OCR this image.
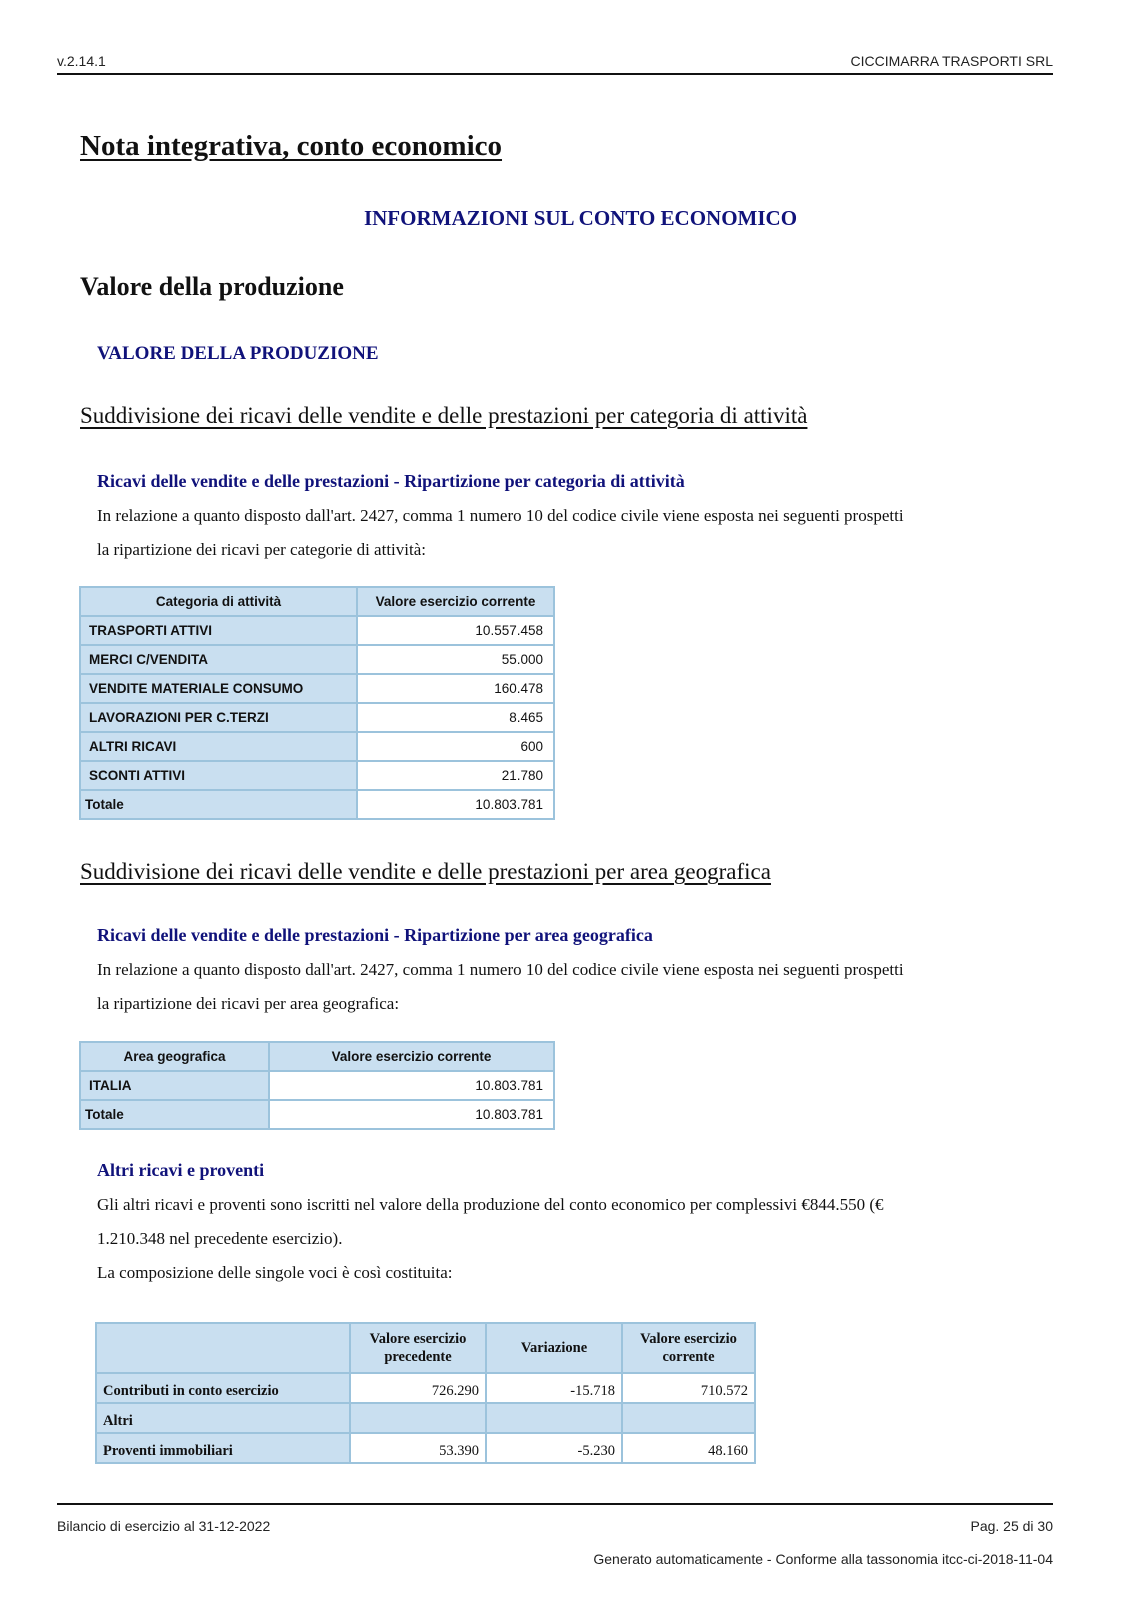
v.2.14.1	CICCIMARRA TRASPORTI SRL
Nota integrativa, conto economico
INFORMAZIONI SUL CONTO ECONOMICO
Valore della produzione
VALORE DELLA PRODUZIONE
Suddivisione dei ricavi delle vendite e delle prestazioni per categoria di attività
Ricavi delle vendite e delle prestazioni - Ripartizione per categoria di attività
In relazione a quanto disposto dall'art. 2427, comma 1 numero 10 del codice civile viene esposta nei seguenti prospetti
la ripartizione dei ricavi per categorie di attività:
Categoria di attività	Valore esercizio corrente
TRASPORTI ATTIVI	10.557.458
MERCI C/VENDITA	55.000
VENDITE MATERIALE CONSUMO	160.478
LAVORAZIONI PER C.TERZI	8.465
ALTRI RICAVI	600
SCONTI ATTIVI	21.780
Totale	10.803.781
Suddivisione dei ricavi delle vendite e delle prestazioni per area geografica
Ricavi delle vendite e delle prestazioni - Ripartizione per area geografica
In relazione a quanto disposto dall'art. 2427, comma 1 numero 10 del codice civile viene esposta nei seguenti prospetti
la ripartizione dei ricavi per area geografica:
Area geografica	Valore esercizio corrente
ITALIA	10.803.781
Totale	10.803.781
Altri ricavi e proventi
Gli altri ricavi e proventi sono iscritti nel valore della produzione del conto economico per complessivi €844.550 (€
1.210.348 nel precedente esercizio).
La composizione delle singole voci è così costituita:
	Valore esercizio precedente	Variazione	Valore esercizio corrente
Contributi in conto esercizio	726.290	-15.718	710.572
Altri			
Proventi immobiliari	53.390	-5.230	48.160
Bilancio di esercizio al 31-12-2022	Pag. 25 di 30
Generato automaticamente - Conforme alla tassonomia itcc-ci-2018-11-04
